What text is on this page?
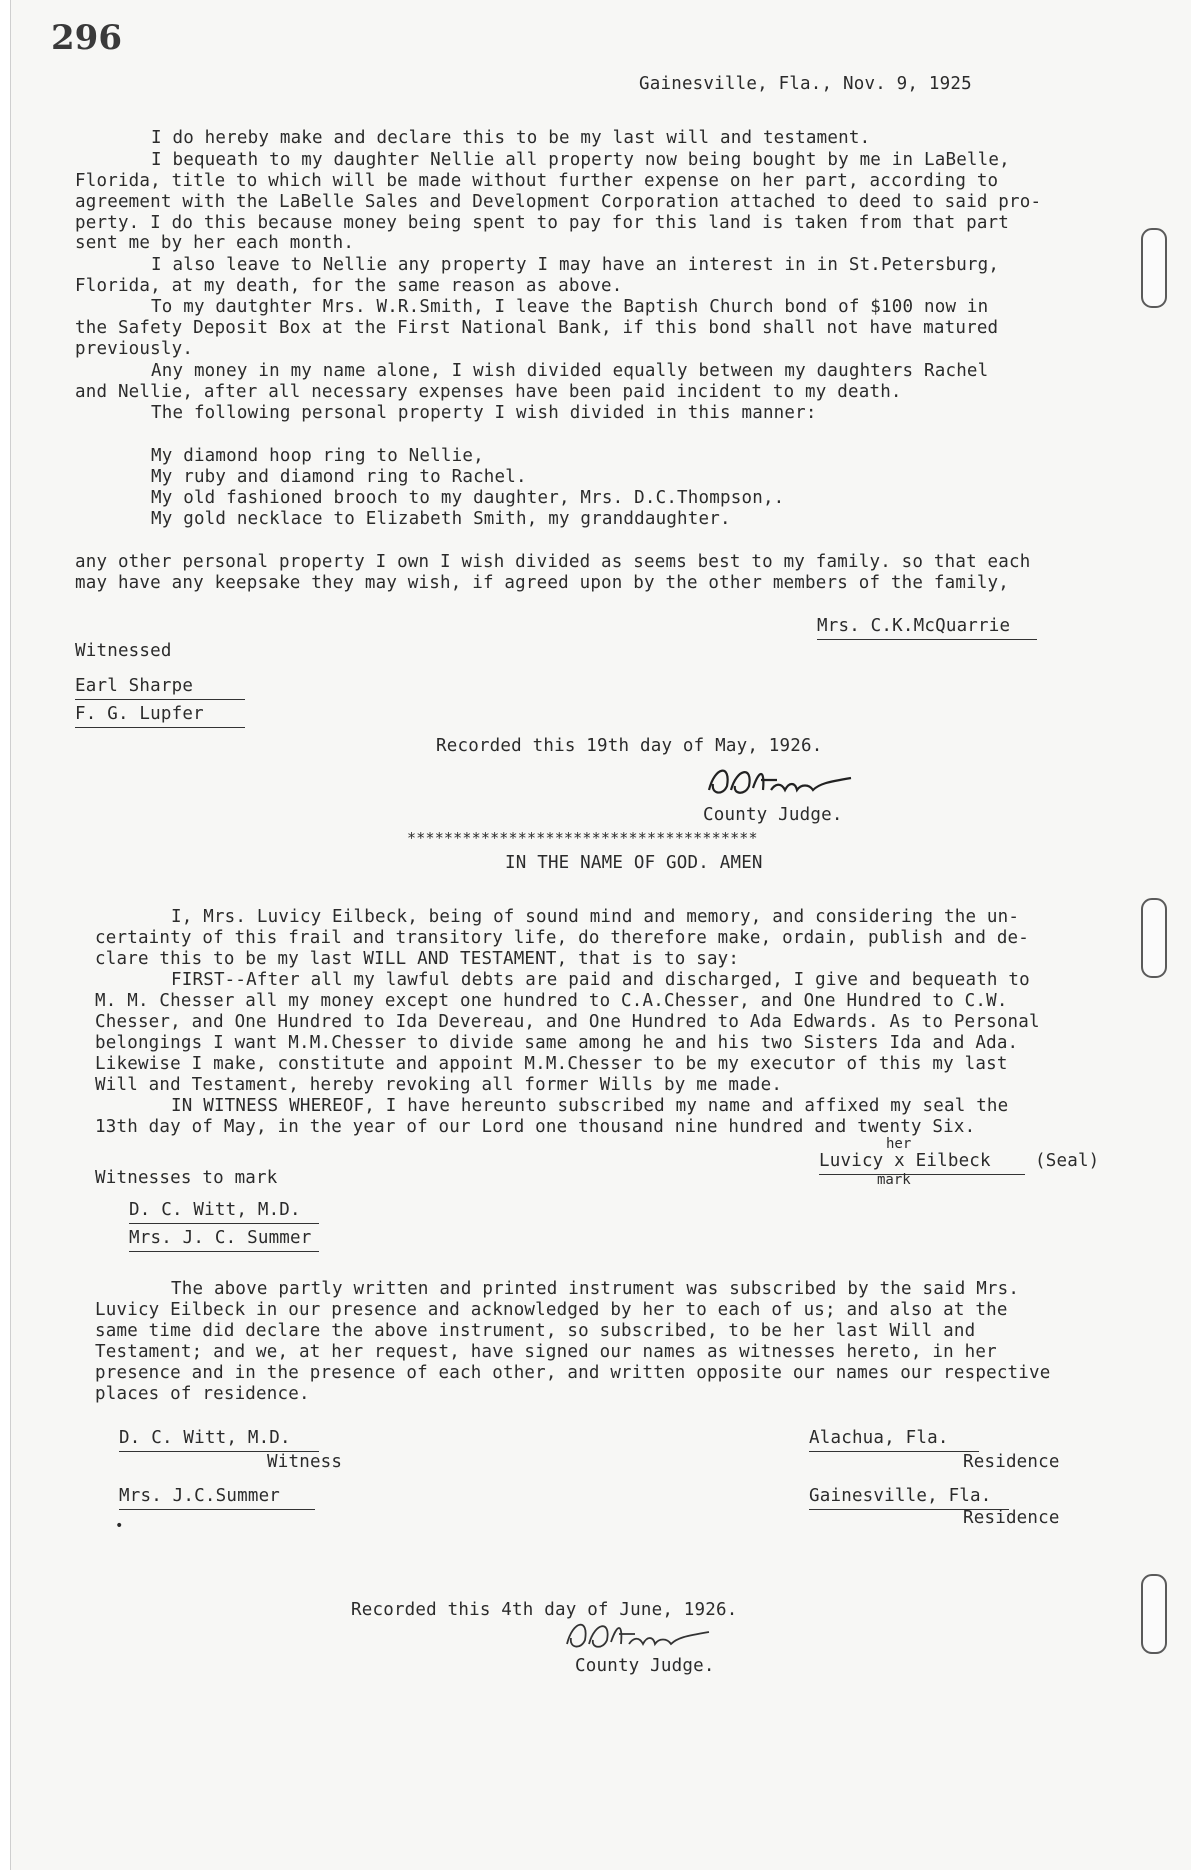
296
Gainesville, Fla., Nov. 9, 1925
I do hereby make and declare this to be my last will and testament.
I bequeath to my daughter Nellie all property now being bought by me in LaBelle,
Florida, title to which will be made without further expense on her part, according to
agreement with the LaBelle Sales and Development Corporation attached to deed to said pro-
perty. I do this because money being spent to pay for this land is taken from that part
sent me by her each month.
I also leave to Nellie any property I may have an interest in in St.Petersburg,
Florida, at my death, for the same reason as above.
To my dautghter Mrs. W.R.Smith, I leave the Baptish Church bond of $100 now in
the Safety Deposit Box at the First National Bank, if this bond shall not have matured
previously.
Any money in my name alone, I wish divided equally between my daughters Rachel
and Nellie, after all necessary expenses have been paid incident to my death.
The following personal property I wish divided in this manner:
My diamond hoop ring to Nellie,
My ruby and diamond ring to Rachel.
My old fashioned brooch to my daughter, Mrs. D.C.Thompson,.
My gold necklace to Elizabeth Smith, my granddaughter.
any other personal property I own I wish divided as seems best to my family. so that each
may have any keepsake they may wish, if agreed upon by the other members of the family,
Mrs. C.K.McQuarrie
Witnessed
Earl Sharpe
F. G. Lupfer
Recorded this 19th day of May, 1926.
County Judge.
**************************************
IN THE NAME OF GOD. AMEN
I, Mrs. Luvicy Eilbeck, being of sound mind and memory, and considering the un-
certainty of this frail and transitory life, do therefore make, ordain, publish and de-
clare this to be my last WILL AND TESTAMENT, that is to say:
FIRST--After all my lawful debts are paid and discharged, I give and bequeath to
M. M. Chesser all my money except one hundred to C.A.Chesser, and One Hundred to C.W.
Chesser, and One Hundred to Ida Devereau, and One Hundred to Ada Edwards. As to Personal
belongings I want M.M.Chesser to divide same among he and his two Sisters Ida and Ada.
Likewise I make, constitute and appoint M.M.Chesser to be my executor of this my last
Will and Testament, hereby revoking all former Wills by me made.
IN WITNESS WHEREOF, I have hereunto subscribed my name and affixed my seal the
13th day of May, in the year of our Lord one thousand nine hundred and twenty Six.
her
Luvicy x Eilbeck	(Seal)
mark
Witnesses to mark
D. C. Witt, M.D.
Mrs. J. C. Summer
The above partly written and printed instrument was subscribed by the said Mrs.
Luvicy Eilbeck in our presence and acknowledged by her to each of us; and also at the
same time did declare the above instrument, so subscribed, to be her last Will and
Testament; and we, at her request, have signed our names as witnesses hereto, in her
presence and in the presence of each other, and written opposite our names our respective
places of residence.
D. C. Witt, M.D.
Witness
Mrs. J.C.Summer
Alachua, Fla.
Residence
Gainesville, Fla.
Residence
•
Recorded this 4th day of June, 1926.
County Judge.
